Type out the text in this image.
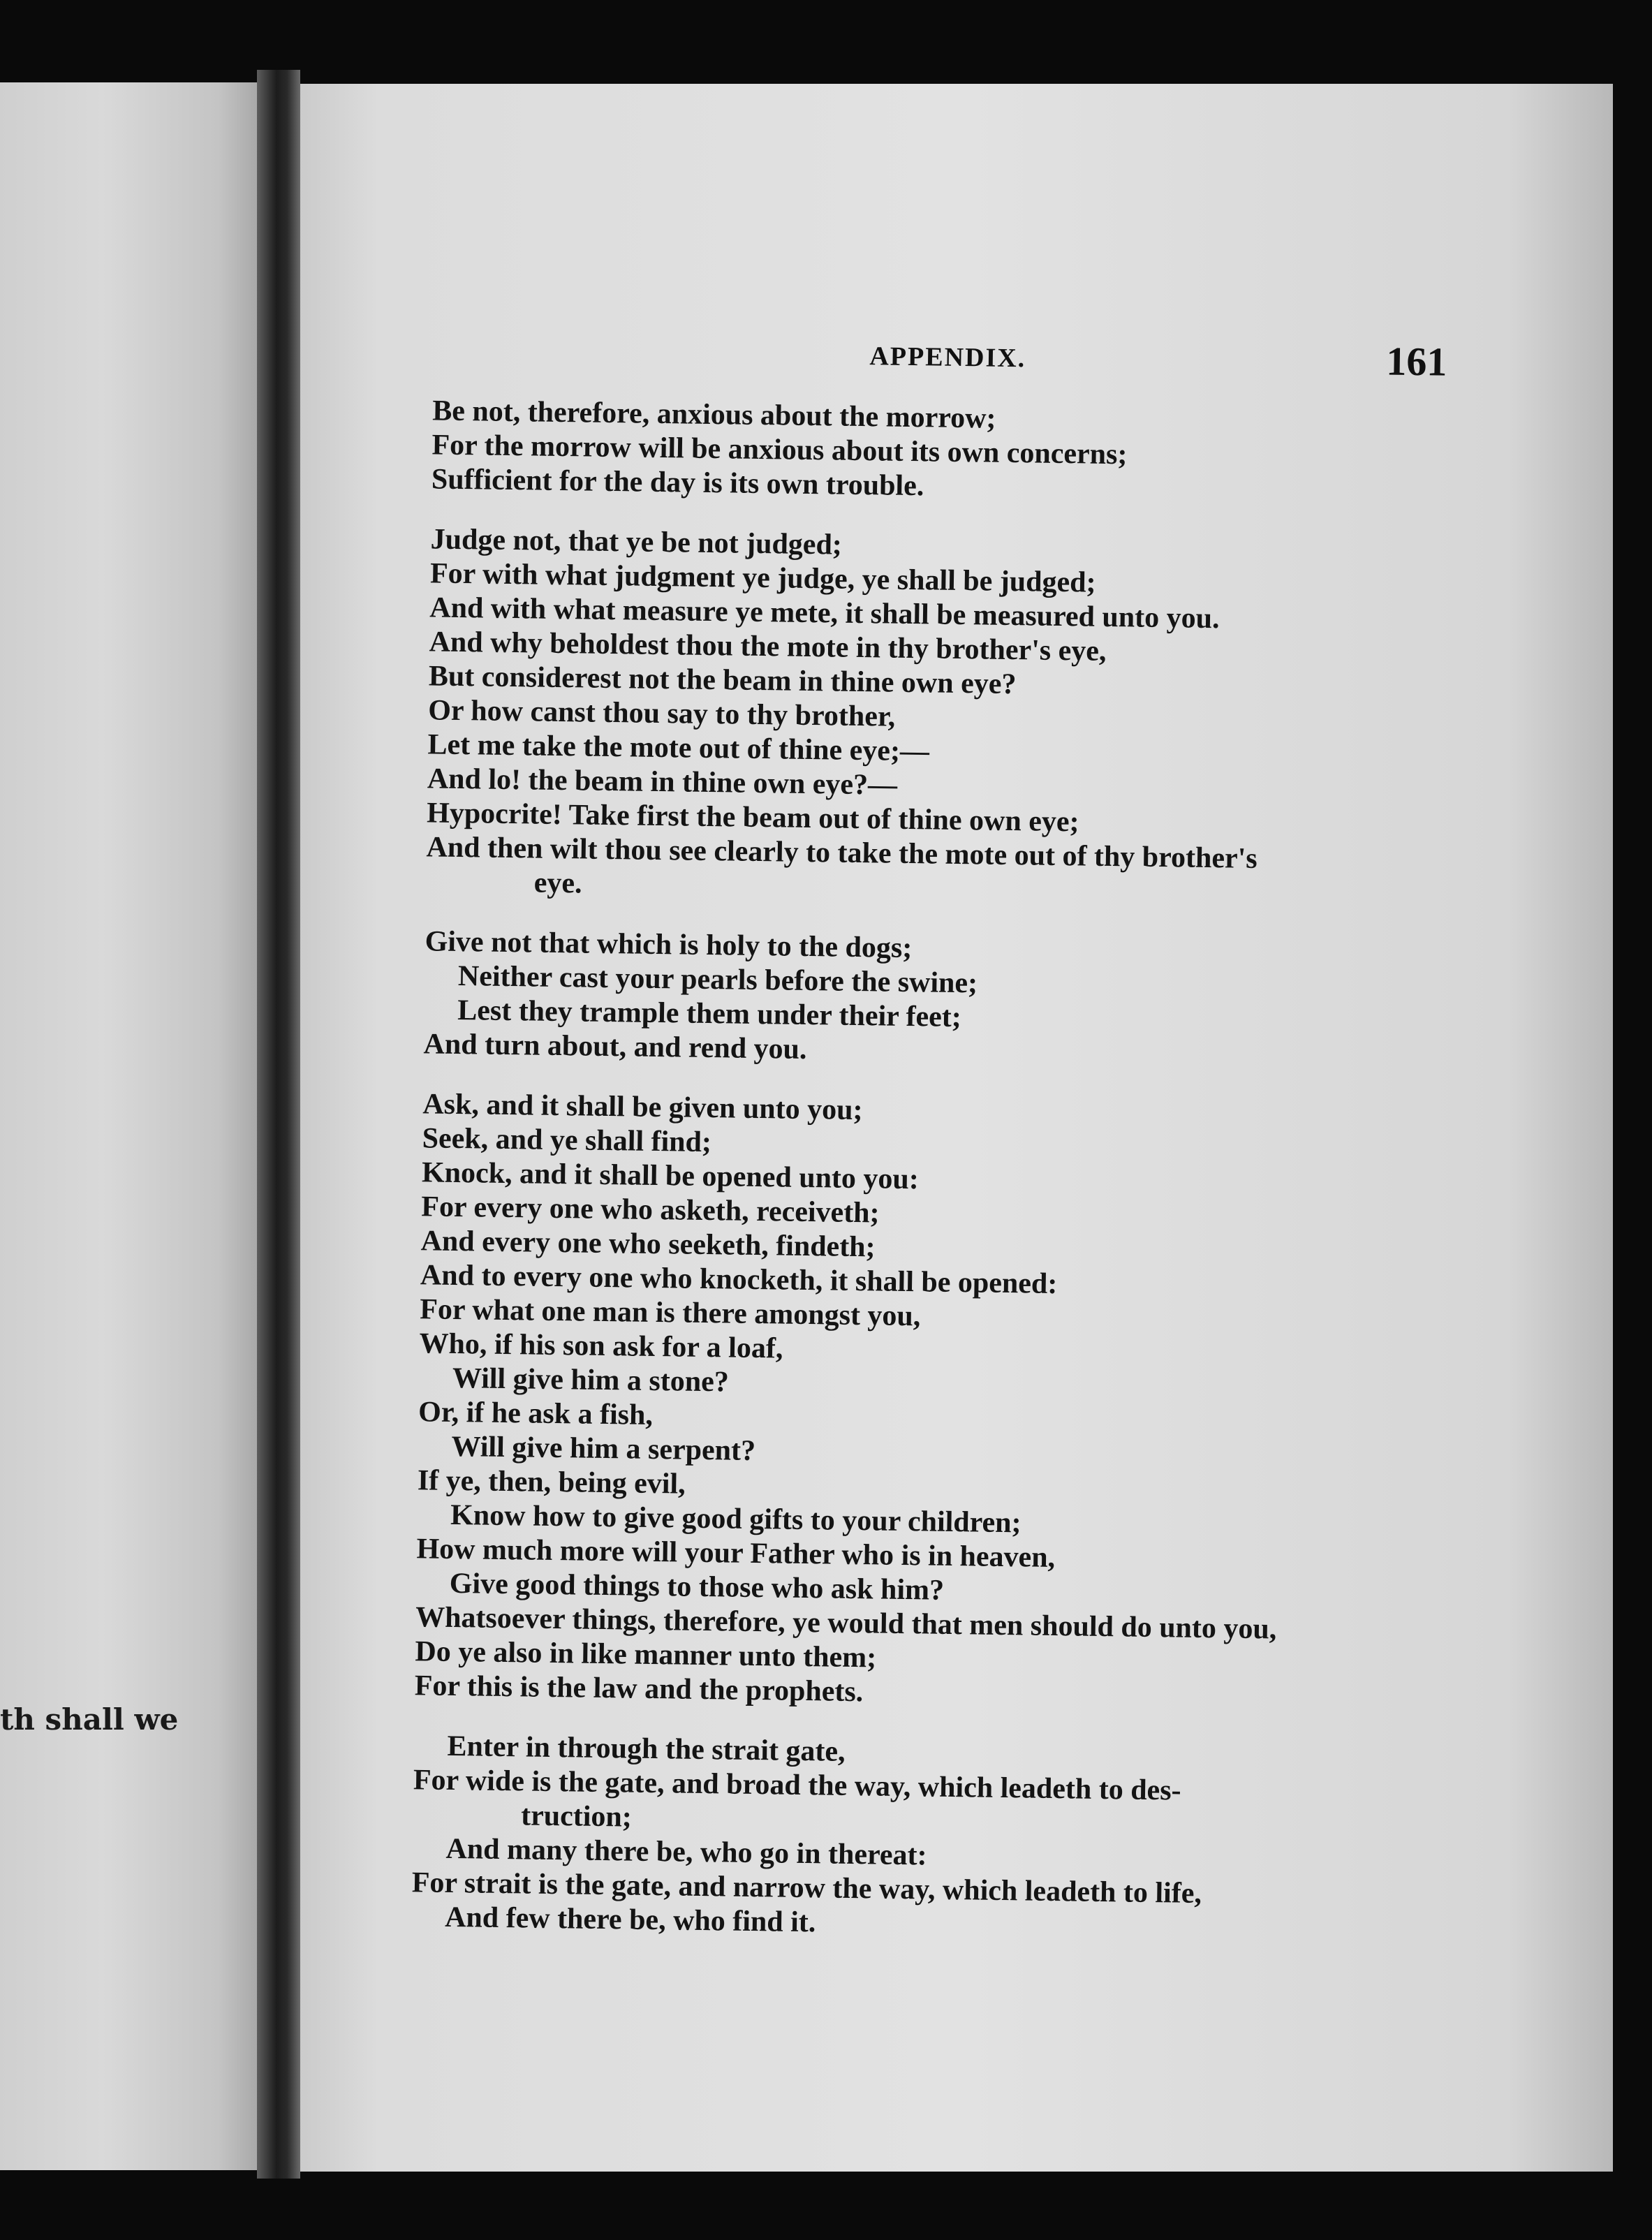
th shall we
APPENDIX.	161
Be not, therefore, anxious about the morrow;
For the morrow will be anxious about its own concerns;
Sufficient for the day is its own trouble.
Judge not, that ye be not judged;
For with what judgment ye judge, ye shall be judged;
And with what measure ye mete, it shall be measured unto you.
And why beholdest thou the mote in thy brother's eye,
But considerest not the beam in thine own eye?
Or how canst thou say to thy brother,
Let me take the mote out of thine eye;—
And lo! the beam in thine own eye?—
Hypocrite! Take first the beam out of thine own eye;
And then wilt thou see clearly to take the mote out of thy brother's
eye.
Give not that which is holy to the dogs;
Neither cast your pearls before the swine;
Lest they trample them under their feet;
And turn about, and rend you.
Ask, and it shall be given unto you;
Seek, and ye shall find;
Knock, and it shall be opened unto you:
For every one who asketh, receiveth;
And every one who seeketh, findeth;
And to every one who knocketh, it shall be opened:
For what one man is there amongst you,
Who, if his son ask for a loaf,
Will give him a stone?
Or, if he ask a fish,
Will give him a serpent?
If ye, then, being evil,
Know how to give good gifts to your children;
How much more will your Father who is in heaven,
Give good things to those who ask him?
Whatsoever things, therefore, ye would that men should do unto you,
Do ye also in like manner unto them;
For this is the law and the prophets.
Enter in through the strait gate,
For wide is the gate, and broad the way, which leadeth to des-
truction;
And many there be, who go in thereat:
For strait is the gate, and narrow the way, which leadeth to life,
And few there be, who find it.
